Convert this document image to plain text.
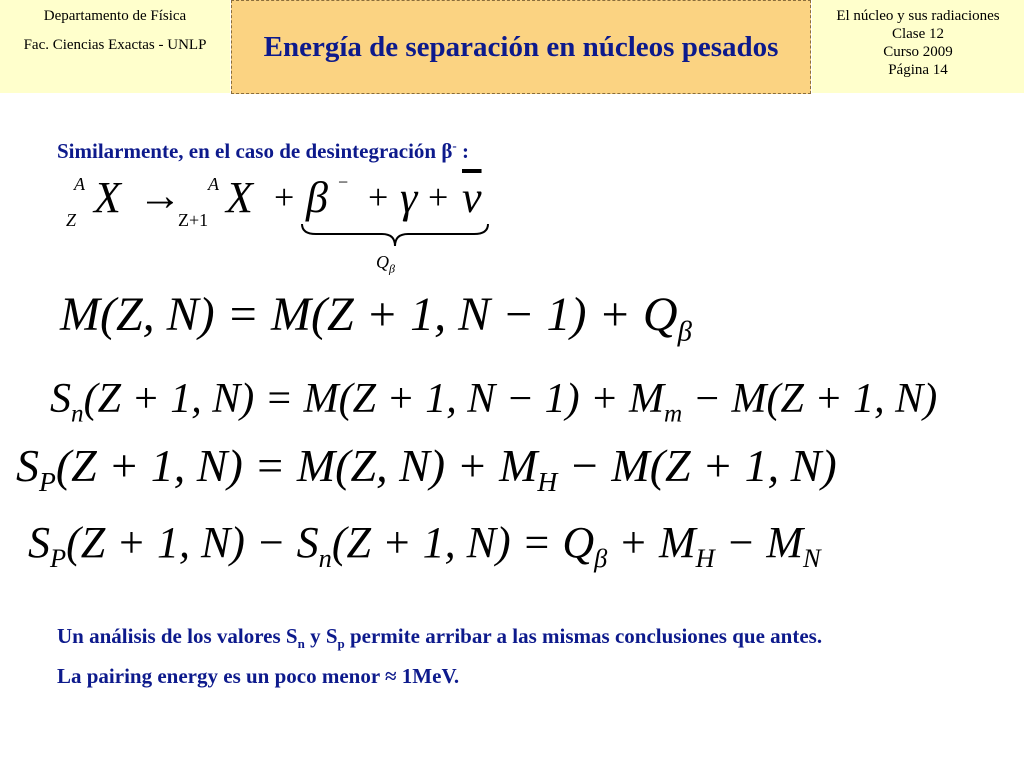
Departamento de Física
Fac. Ciencias Exactas - UNLP	Energía de separación en núcleos pesados
El núcleo y sus radiaciones
Clase 12
Curso 2009
Página 14
Similarmente, en el caso de desintegración β- :
A
Z X → A
Z+1 X + β − + $\gamma + \overline{\nu}$
$Q_\beta$
M(Z, N) = M(Z + 1, $N - 1) + Q_\beta$
$S_n(Z + 1$, N) = M(Z + 1, $N - 1) + M_m - M(Z + 1$, N)
$S_P(Z + 1$, N) = M(Z, $N) + M_H - M(Z + 1$, N)
$S_P(Z + 1$, $N) - S_n(Z + 1$, $N) = Q_\beta + M_H - M_N$
Un análisis de los valores $S_n$ y $S_p$ permite arribar a las mismas conclusiones que antes.
La pairing energy es un poco menor ≈ 1MeV.
